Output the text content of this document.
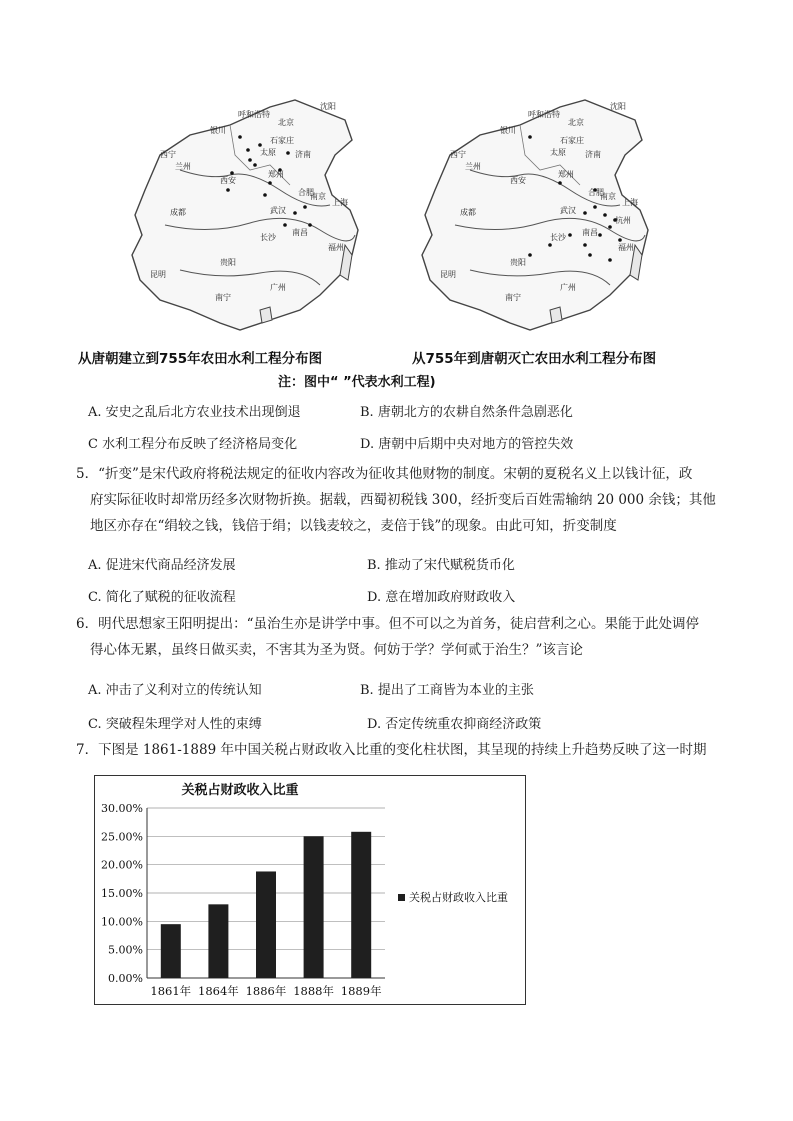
呼和浩特
沈阳
北京
银川
石家庄
太原 济南
西宁
兰州
西安
郑州
上海
成都	武汉
合肥
南京
长沙
南昌
贵阳
昆明
南宁
广州
福州
从唐朝建立到755年农田水利工程分布图
呼和浩特
沈阳
北京
银川
石家庄
太原 济南
西宁
兰州
西安
郑州
上海
成都	武汉
合肥
南京
杭州
长沙
南昌
贵阳
昆明
南宁
广州
福州
从755年到唐朝灭亡农田水利工程分布图
注：图中“ ”代表水利工程)
A. 安史之乱后北方农业技术出现倒退	B. 唐朝北方的农耕自然条件急剧恶化
C 水利工程分布反映了经济格局变化	D. 唐朝中后期中央对地方的管控失效
5．“折变”是宋代政府将税法规定的征收内容改为征收其他财物的制度。宋朝的夏税名义上以钱计征，政
府实际征收时却常历经多次财物折换。据载，西蜀初税钱 300，经折变后百姓需输纳 20 000 余钱；其他
地区亦存在“绢较之钱，钱倍于绢；以钱麦较之，麦倍于钱”的现象。由此可知，折变制度
A. 促进宋代商品经济发展	B. 推动了宋代赋税货币化
C. 简化了赋税的征收流程	D. 意在增加政府财政收入
6．明代思想家王阳明提出：“虽治生亦是讲学中事。但不可以之为首务，徒启营利之心。果能于此处调停
得心体无累，虽终日做买卖，不害其为圣为贤。何妨于学？学何贰于治生？”该言论
A. 冲击了义利对立的传统认知	B. 提出了工商皆为本业的主张
C. 突破程朱理学对人性的束缚	D. 否定传统重农抑商经济政策
7．下图是 1861-1889 年中国关税占财政收入比重的变化柱状图，其呈现的持续上升趋势反映了这一时期
关税占财政收入比重
0.00%
5.00%
10.00%
15.00%
20.00%
25.00%
30.00%
1861年 1864年 1886年 1888年 1889年
关税占财政收入比重
